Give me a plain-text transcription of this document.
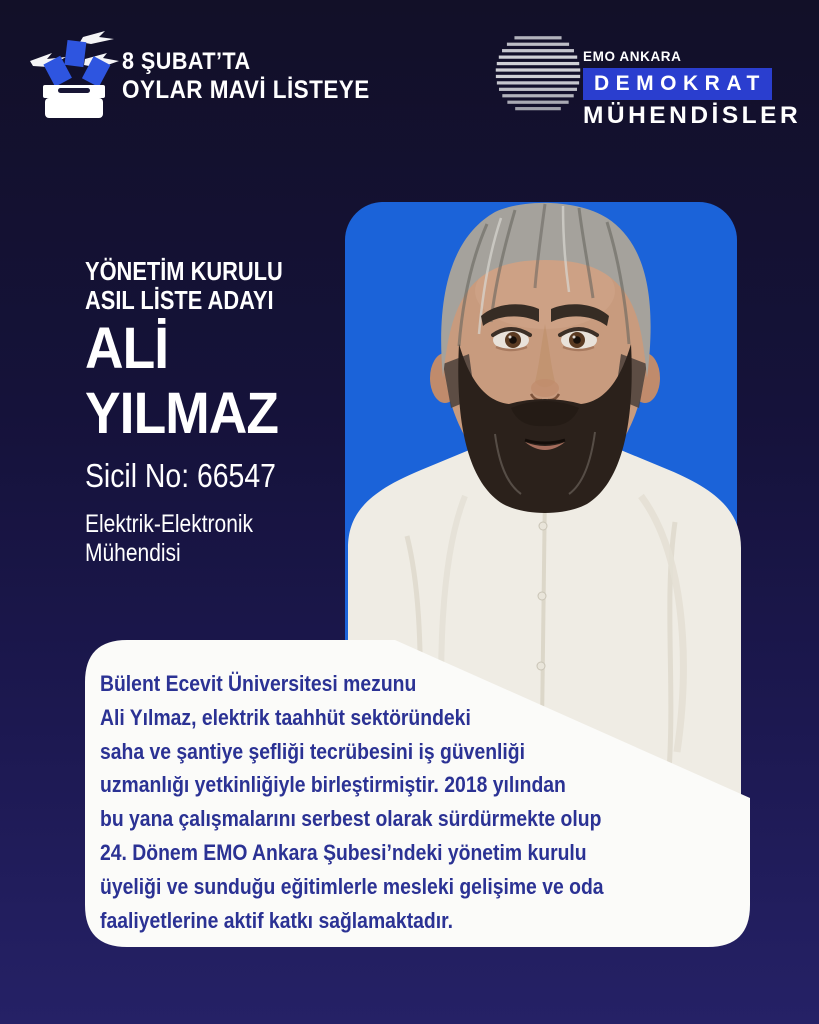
8 ŞUBAT’TA
OYLAR MAVİ LİSTEYE
EMO ANKARA
DEMOKRAT
MÜHENDİSLER
YÖNETİM KURULU
ASIL LİSTE ADAYI
ALİ
YILMAZ
Sicil No: 66547
Elektrik-Elektronik
Mühendisi
Bülent Ecevit Üniversitesi mezunu
Ali Yılmaz, elektrik taahhüt sektöründeki
saha ve şantiye şefliği tecrübesini iş güvenliği
uzmanlığı yetkinliğiyle birleştirmiştir. 2018 yılından
bu yana çalışmalarını serbest olarak sürdürmekte olup
24. Dönem EMO Ankara Şubesi’ndeki yönetim kurulu
üyeliği ve sunduğu eğitimlerle mesleki gelişime ve oda
faaliyetlerine aktif katkı sağlamaktadır.
